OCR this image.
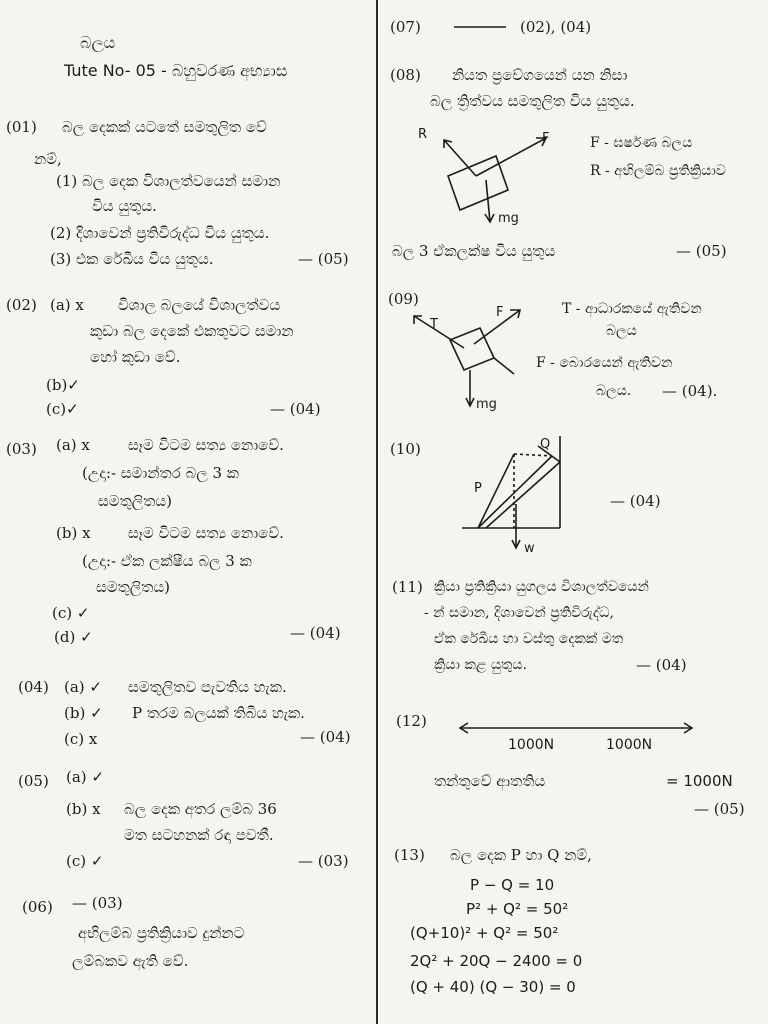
බලය
Tute No- 05 - බහුවරණ අභ්‍යාස
(01) බල දෙකක් යටතේ සමතුලිත වේ
නම්,
(1) බල දෙක විශාලත්වයෙන් සමාන
විය යුතුය.
(2) දිශාවෙන් ප්‍රතිවිරුද්ධ විය යුතුය.
(3) එක රේඛීය විය යුතුය.	— (05)
(02) (a) x විශාල බලයේ විශාලත්වය
කුඩා බල දෙකේ එකතුවට සමාන
හෝ කුඩා වේ.
(b)✓
(c)✓	— (04)
(03) (a) x	සෑම විටම සත්‍ය නොවේ.
(උදා:- සමාන්තර බල 3 ක
සමතුලිතය)
(b) x සෑම විටම සත්‍ය නොවේ.
(උදා:- ඒක ලක්ෂීය බල 3 ක
සමතුලිතය)
(c) ✓
(d) ✓	— (04)
(04) (a) ✓ සමතුලිතව පැවතිය හැක.
(b) ✓ P තරම බලයක් තිබිය හැක.
(c) x	— (04)
(05) (a) ✓
(b) x බල දෙක අතර ලම්බ 36
මත සටහනක් රඳා පවතී.
(c) ✓	— (03)
(06) — (03)
අභිලම්බ ප්‍රතික්‍රියාව දුන්නට
ලම්බකව ඇති වේ.
(07)	(02), (04)
(08) නියත ප්‍රවේගයෙන් යන නිසා
බල ත්‍රිත්වය සමතුලිත විය යුතුය.
R	F
mg
F - ඝර්ෂණ බලය
R - අභිලම්බ ප්‍රතික්‍රියාව
බල 3 ඒකලක්ෂ විය යුතුය	— (05)
(09)
T
F
mg
T - ආධාරකයේ ඇතිවන
බලය
F - බොරයෙන් ඇතිවන
බලය. — (04).
(10)
P
Q
w
— (04)
(11) ක්‍රියා ප්‍රතික්‍රියා යුගලය විශාලත්වයෙන්
- න් සමාන, දිශාවෙන් ප්‍රතිවිරුද්ධ,
ඒක රේඛීය හා වස්තු දෙකක් මත
ක්‍රියා කළ යුතුය.	— (04)
(12)
1000N	1000N
තන්තුවේ ආතතිය	= 1000N
— (05)
(13) බල දෙක P හා Q නම්,
P − Q = 10
P² + Q² = 50²
(Q+10)² + Q² = 50²
2Q² + 20Q − 2400 = 0
(Q + 40) (Q − 30) = 0
